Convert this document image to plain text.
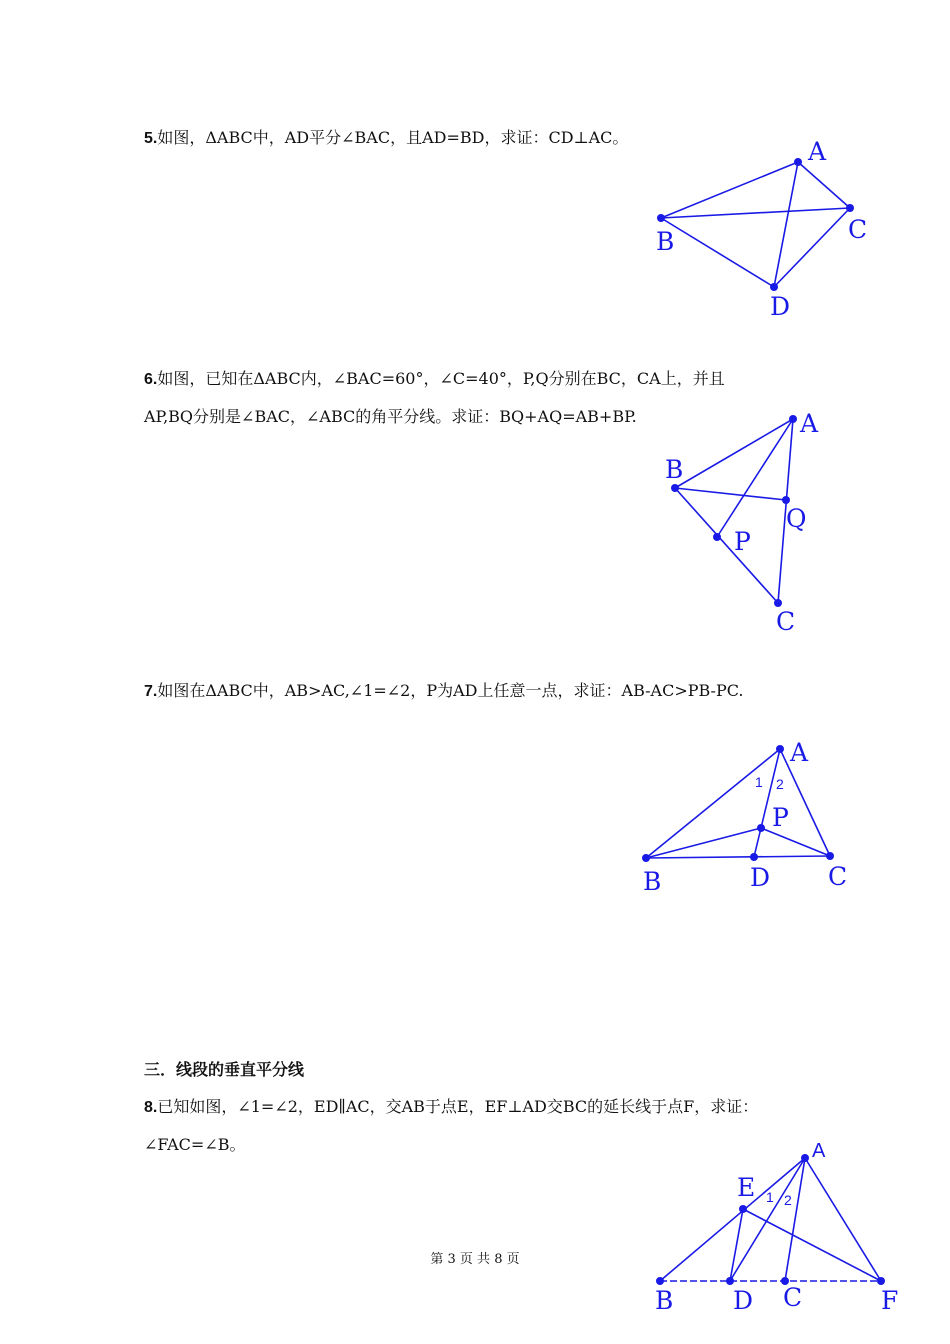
5.如图，ΔABC中，AD平分∠BAC，且AD=BD，求证：CD⊥AC。	A
B	C
D
6.如图，已知在ΔABC内，∠BAC=60°，∠C=40°，P,Q分别在BC，CA上，并且
AP,BQ分别是∠BAC，∠ABC的角平分线。求证：BQ+AQ=AB+BP.	A
B
C
P
Q
7.如图在ΔABC中，AB>AC,∠1=∠2，P为AD上任意一点，求证：AB-AC>PB-PC.
A
B	C
D
P
1 2
三．线段的垂直平分线
8.已知如图，∠1=∠2，ED∥AC，交AB于点E，EF⊥AD交BC的延长线于点F，求证：
∠FAC=∠B。	A
B	C
D
E
F
1 2
第 3 页 共 8 页
